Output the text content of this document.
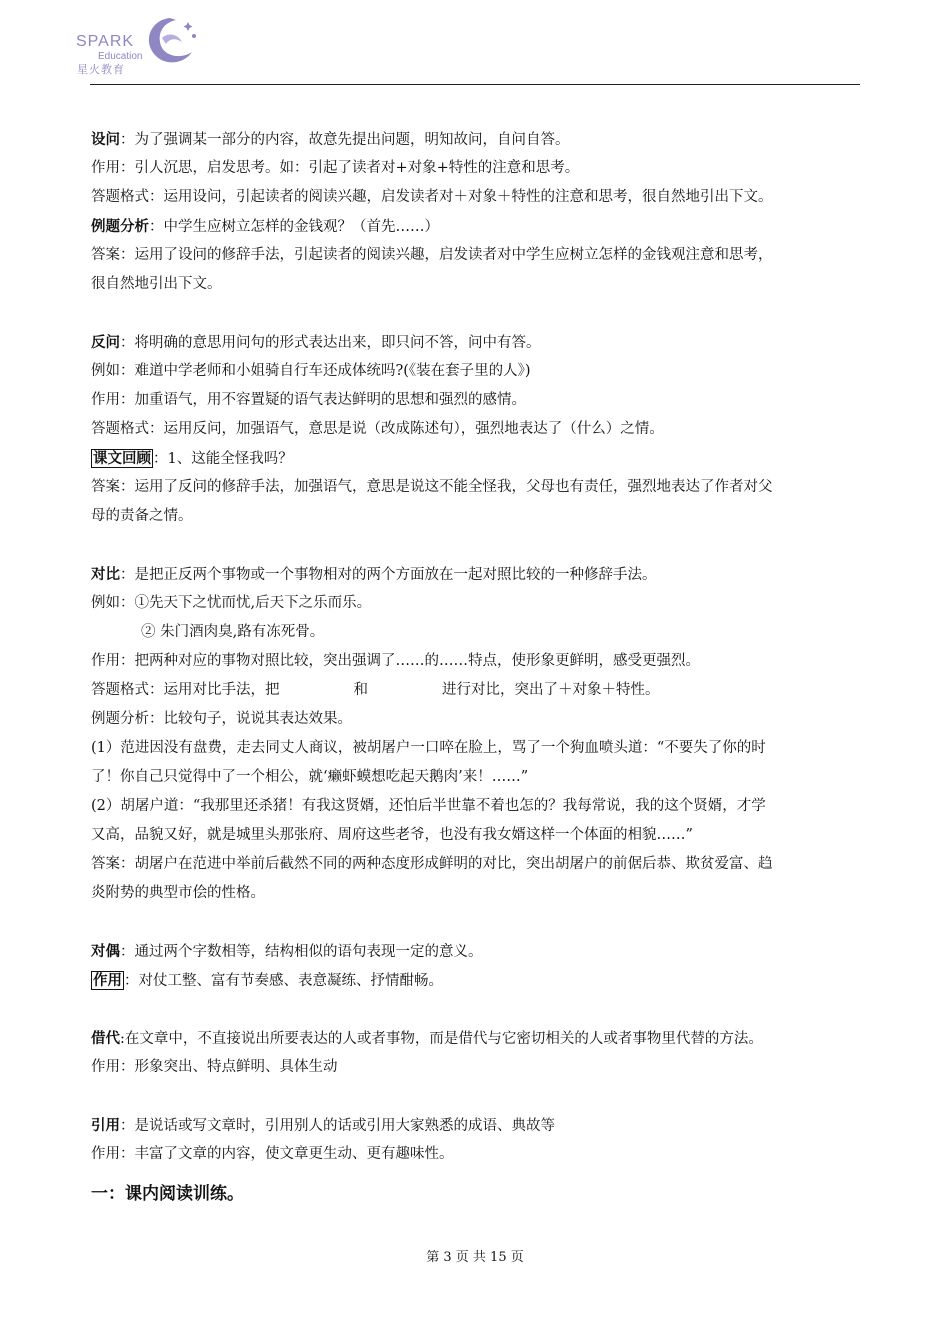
SPARK
Education
星火教育
设问：为了强调某一部分的内容，故意先提出问题，明知故问，自问自答。
作用：引人沉思，启发思考。如：引起了读者对+对象+特性的注意和思考。
答题格式：运用设问，引起读者的阅读兴趣，启发读者对＋对象＋特性的注意和思考，很自然地引出下文。
例题分析：中学生应树立怎样的金钱观？（首先……）
答案：运用了设问的修辞手法，引起读者的阅读兴趣，启发读者对中学生应树立怎样的金钱观注意和思考，
很自然地引出下文。
反问：将明确的意思用问句的形式表达出来，即只问不答，问中有答。
例如：难道中学老师和小姐骑自行车还成体统吗?(《装在套子里的人》)
作用：加重语气，用不容置疑的语气表达鲜明的思想和强烈的感情。
答题格式：运用反问，加强语气，意思是说（改成陈述句），强烈地表达了（什么）之情。
课文回顾 ：1、这能全怪我吗？
答案：运用了反问的修辞手法，加强语气，意思是说这不能全怪我，父母也有责任，强烈地表达了作者对父
母的责备之情。
对比：是把正反两个事物或一个事物相对的两个方面放在一起对照比较的一种修辞手法。
例如：①先天下之忧而忧,后天下之乐而乐。
② 朱门酒肉臭,路有冻死骨。
作用：把两种对应的事物对照比较，突出强调了……的……特点，使形象更鲜明，感受更强烈。
答题格式：运用对比手法，把	和	进行对比，突出了＋对象＋特性。
例题分析：比较句子，说说其表达效果。
(1）范进因没有盘费，走去同丈人商议，被胡屠户一口啐在脸上，骂了一个狗血喷头道：“不要失了你的时
了！你自己只觉得中了一个相公，就‘癞虾蟆想吃起天鹅肉’来！……”
(2）胡屠户道：“我那里还杀猪！有我这贤婿，还怕后半世靠不着也怎的？我每常说，我的这个贤婿，才学
又高，品貌又好，就是城里头那张府、周府这些老爷，也没有我女婿这样一个体面的相貌……”
答案：胡屠户在范进中举前后截然不同的两种态度形成鲜明的对比，突出胡屠户的前倨后恭、欺贫爱富、趋
炎附势的典型市侩的性格。
对偶：通过两个字数相等，结构相似的语句表现一定的意义。
作用 ：对仗工整、富有节奏感、表意凝练、抒情酣畅。
借代:在文章中，不直接说出所要表达的人或者事物，而是借代与它密切相关的人或者事物里代替的方法。
作用：形象突出、特点鲜明、具体生动
引用：是说话或写文章时，引用别人的话或引用大家熟悉的成语、典故等
作用：丰富了文章的内容，使文章更生动、更有趣味性。
一：课内阅读训练。
第 3 页 共 15 页
